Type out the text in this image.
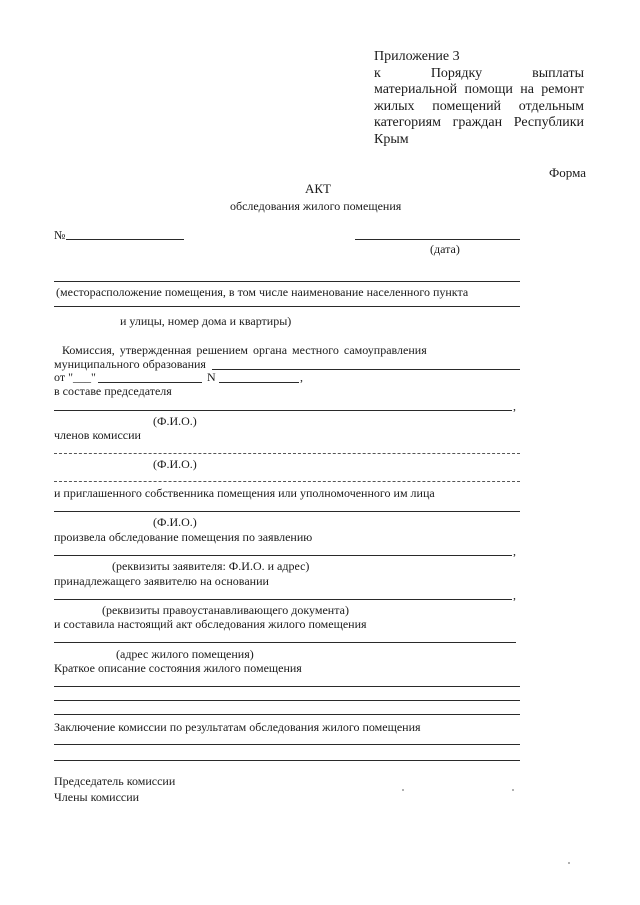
Приложение 3
к Порядку выплаты
материальной помощи на ремонт
жилых помещений отдельным
категориям граждан Республики
Крым
Форма
АКТ
обследования жилого помещения
№
(дата)
(месторасположение помещения, в том числе наименование населенного пункта
и улицы, номер дома и квартиры)
Комиссия, утвержденная решением органа местного самоуправления
муниципального образования
от "___"	N	,
в составе председателя
,
(Ф.И.О.)
членов комиссии
(Ф.И.О.)
и приглашенного собственника помещения или уполномоченного им лица
(Ф.И.О.)
произвела обследование помещения по заявлению
,
(реквизиты заявителя: Ф.И.О. и адрес)
принадлежащего заявителю на основании
,
(реквизиты правоустанавливающего документа)
и составила настоящий акт обследования жилого помещения
(адрес жилого помещения)
Краткое описание состояния жилого помещения
Заключение комиссии по результатам обследования жилого помещения
Председатель комиссии
Члены комиссии
